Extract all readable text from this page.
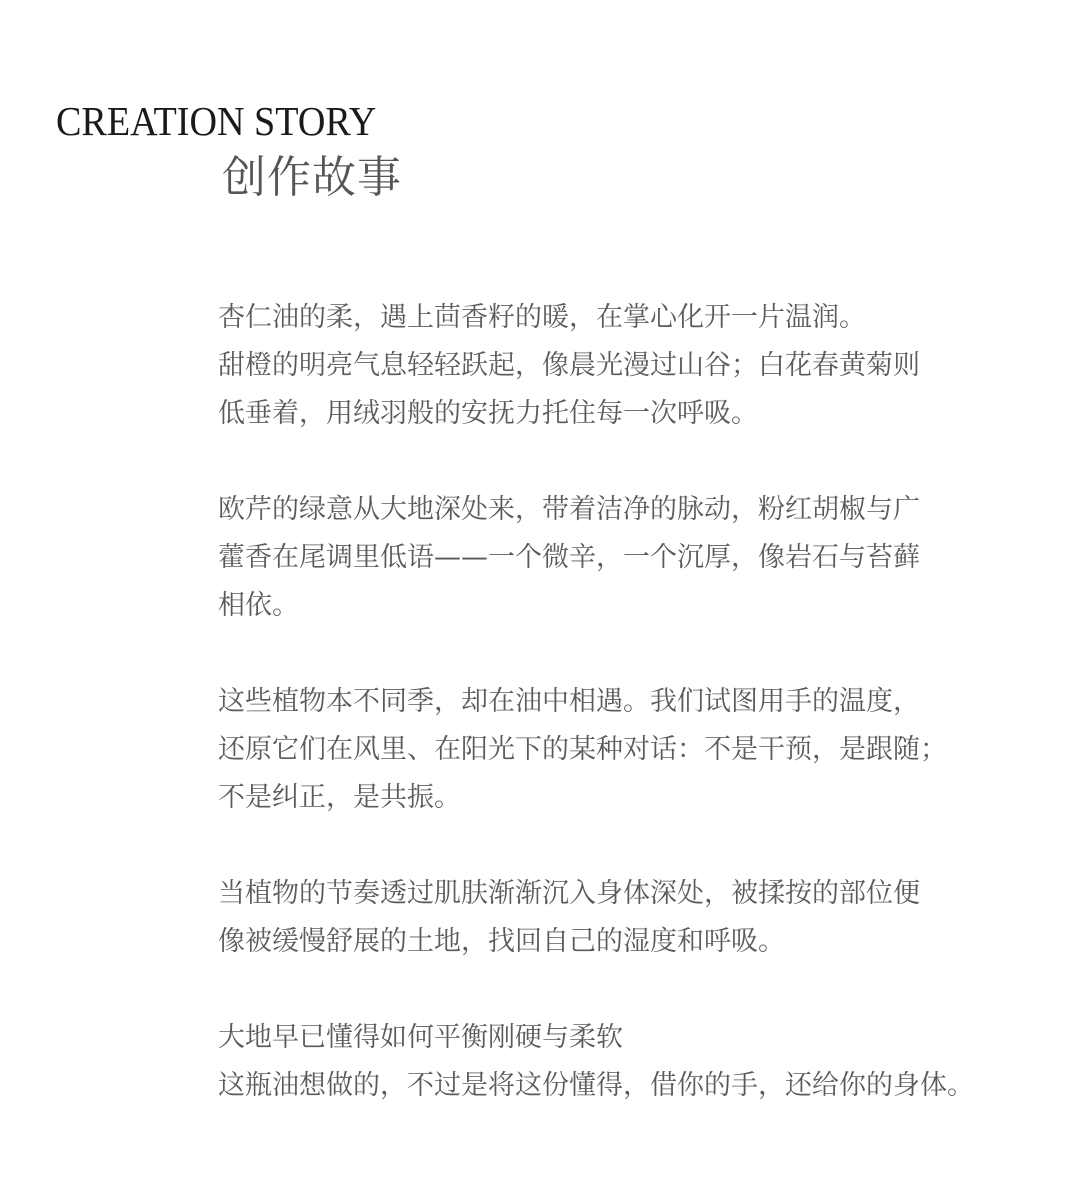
CREATION STORY
创作故事

杏仁油的柔，遇上茴香籽的暖，在掌心化开一片温润。
甜橙的明亮气息轻轻跃起，像晨光漫过山谷；白花春黄菊则
低垂着，用绒羽般的安抚力托住每一次呼吸。

欧芹的绿意从大地深处来，带着洁净的脉动，粉红胡椒与广
藿香在尾调里低语——一个微辛，一个沉厚，像岩石与苔藓
相依。

这些植物本不同季，却在油中相遇。我们试图用手的温度，
还原它们在风里、在阳光下的某种对话：不是干预，是跟随；
不是纠正，是共振。

当植物的节奏透过肌肤渐渐沉入身体深处，被揉按的部位便
像被缓慢舒展的土地，找回自己的湿度和呼吸。

大地早已懂得如何平衡刚硬与柔软
这瓶油想做的，不过是将这份懂得，借你的手，还给你的身体。
